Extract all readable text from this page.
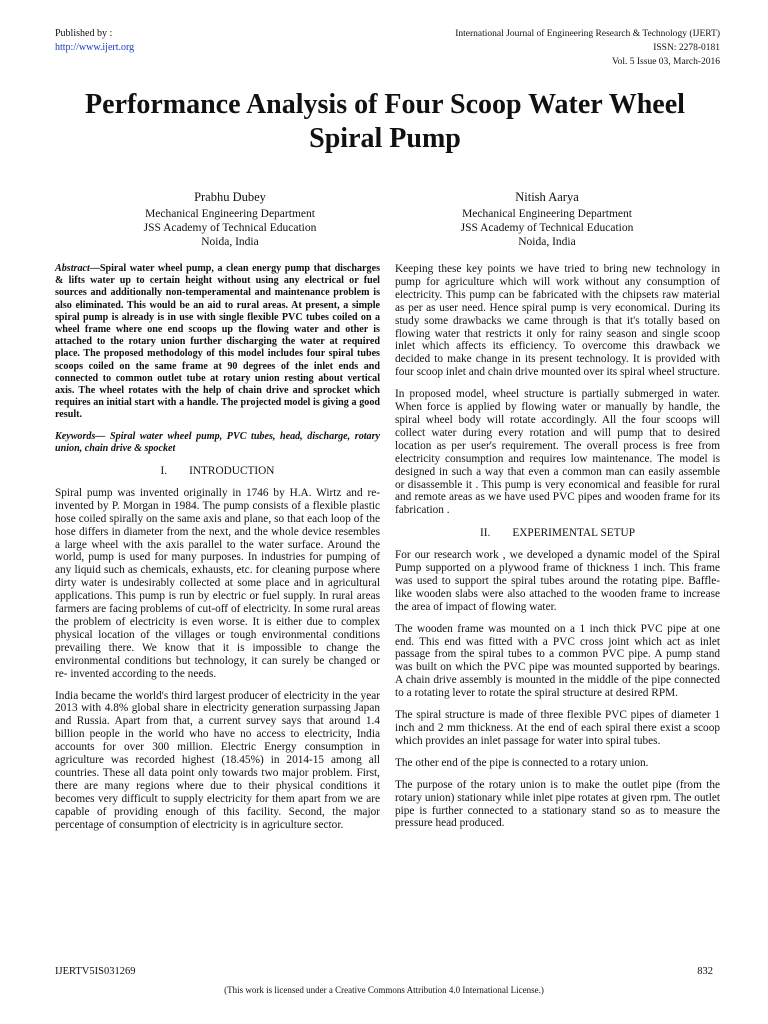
Published by :
http://www.ijert.org
International Journal of Engineering Research & Technology (IJERT)
ISSN: 2278-0181
Vol. 5 Issue 03, March-2016
Performance Analysis of Four Scoop Water Wheel Spiral Pump
Prabhu Dubey
Mechanical Engineering Department
JSS Academy of Technical Education
Noida, India
Nitish Aarya
Mechanical Engineering Department
JSS Academy of Technical Education
Noida, India

Abstract—Spiral water wheel pump, a clean energy pump that discharges & lifts water up to certain height without using any electrical or fuel sources and additionally non-temperamental and maintenance problem is also eliminated. This would be an aid to rural areas. At present, a simple spiral pump is already is in use with single flexible PVC tubes coiled on a wheel frame where one end scoops up the flowing water and other is attached to the rotary union further discharging the water at required place. The proposed methodology of this model includes four spiral tubes scoops coiled on the same frame at 90 degrees of the inlet ends and connected to common outlet tube at rotary union resting about vertical axis. The wheel rotates with the help of chain drive and sprocket which requires an initial start with a handle. The projected model is giving a good result.

Keywords— Spiral water wheel pump, PVC tubes, head, discharge, rotary union, chain drive & spocket

I. INTRODUCTION

Spiral pump was invented originally in 1746 by H.A. Wirtz and re-invented by P. Morgan in 1984. The pump consists of a flexible plastic hose coiled spirally on the same axis and plane, so that each loop of the hose differs in diameter from the next, and the whole device resembles a large wheel with the axis parallel to the water surface. Around the world, pump is used for many purposes. In industries for pumping of any liquid such as chemicals, exhausts, etc. for cleaning purpose where dirty water is undesirably collected at some place and in agricultural applications. This pump is run by electric or fuel supply. In rural areas farmers are facing problems of cut-off of electricity. In some rural areas the problem of electricity is even worse. It is either due to complex physical location of the villages or tough environmental conditions prevailing there. We know that it is impossible to change the environmental conditions but technology, it can surely be changed or re- invented according to the needs.

India became the world's third largest producer of electricity in the year 2013 with 4.8% global share in electricity generation surpassing Japan and Russia. Apart from that, a current survey says that around 1.4 billion people in the world who have no access to electricity, India accounts for over 300 million. Electric Energy consumption in agriculture was recorded highest (18.45%) in 2014-15 among all countries. These all data point only towards two major problem. First, there are many regions where due to their physical conditions it becomes very difficult to supply electricity for them apart from we are capable of providing enough of this facility. Second, the major percentage of consumption of electricity is in agriculture sector.

Keeping these key points we have tried to bring new technology in pump for agriculture which will work without any consumption of electricity. This pump can be fabricated with the chipsets raw material as per as user need. Hence spiral pump is very economical. During its study some drawbacks we came through is that it's totally based on flowing water that restricts it only for rainy season and single scoop inlet which affects its efficiency. To overcome this drawback we decided to make change in its present technology. It is provided with four scoop inlet and chain drive mounted over its spiral wheel structure.

In proposed model, wheel structure is partially submerged in water. When force is applied by flowing water or manually by handle, the spiral wheel body will rotate accordingly. All the four scoops will collect water during every rotation and will pump that to desired location as per user's requirement. The overall process is free from electricity consumption and requires low maintenance. The model is designed in such a way that even a common man can easily assemble or disassemble it . This pump is very economical and feasible for rural and remote areas as we have used PVC pipes and wooden frame for its fabrication .

II. EXPERIMENTAL SETUP

For our research work , we developed a dynamic model of the Spiral Pump supported on a plywood frame of thickness 1 inch. This frame was used to support the spiral tubes around the rotating pipe. Baffle- like wooden slabs were also attached to the wooden frame to increase the area of impact of flowing water.

The wooden frame was mounted on a 1 inch thick PVC pipe at one end. This end was fitted with a PVC cross joint which act as inlet passage from the spiral tubes to a common PVC pipe. A pump stand was built on which the PVC pipe was mounted supported by bearings. A chain drive assembly is mounted in the middle of the pipe connected to a rotating lever to rotate the spiral structure at desired RPM.

The spiral structure is made of three flexible PVC pipes of diameter 1 inch and 2 mm thickness. At the end of each spiral there exist a scoop which provides an inlet passage for water into spiral tubes.

The other end of the pipe is connected to a rotary union.

The purpose of the rotary union is to make the outlet pipe (from the rotary union) stationary while inlet pipe rotates at given rpm. The outlet pipe is further connected to a stationary stand so as to measure the pressure head produced.

IJERTV5IS031269	832
(This work is licensed under a Creative Commons Attribution 4.0 International License.)
